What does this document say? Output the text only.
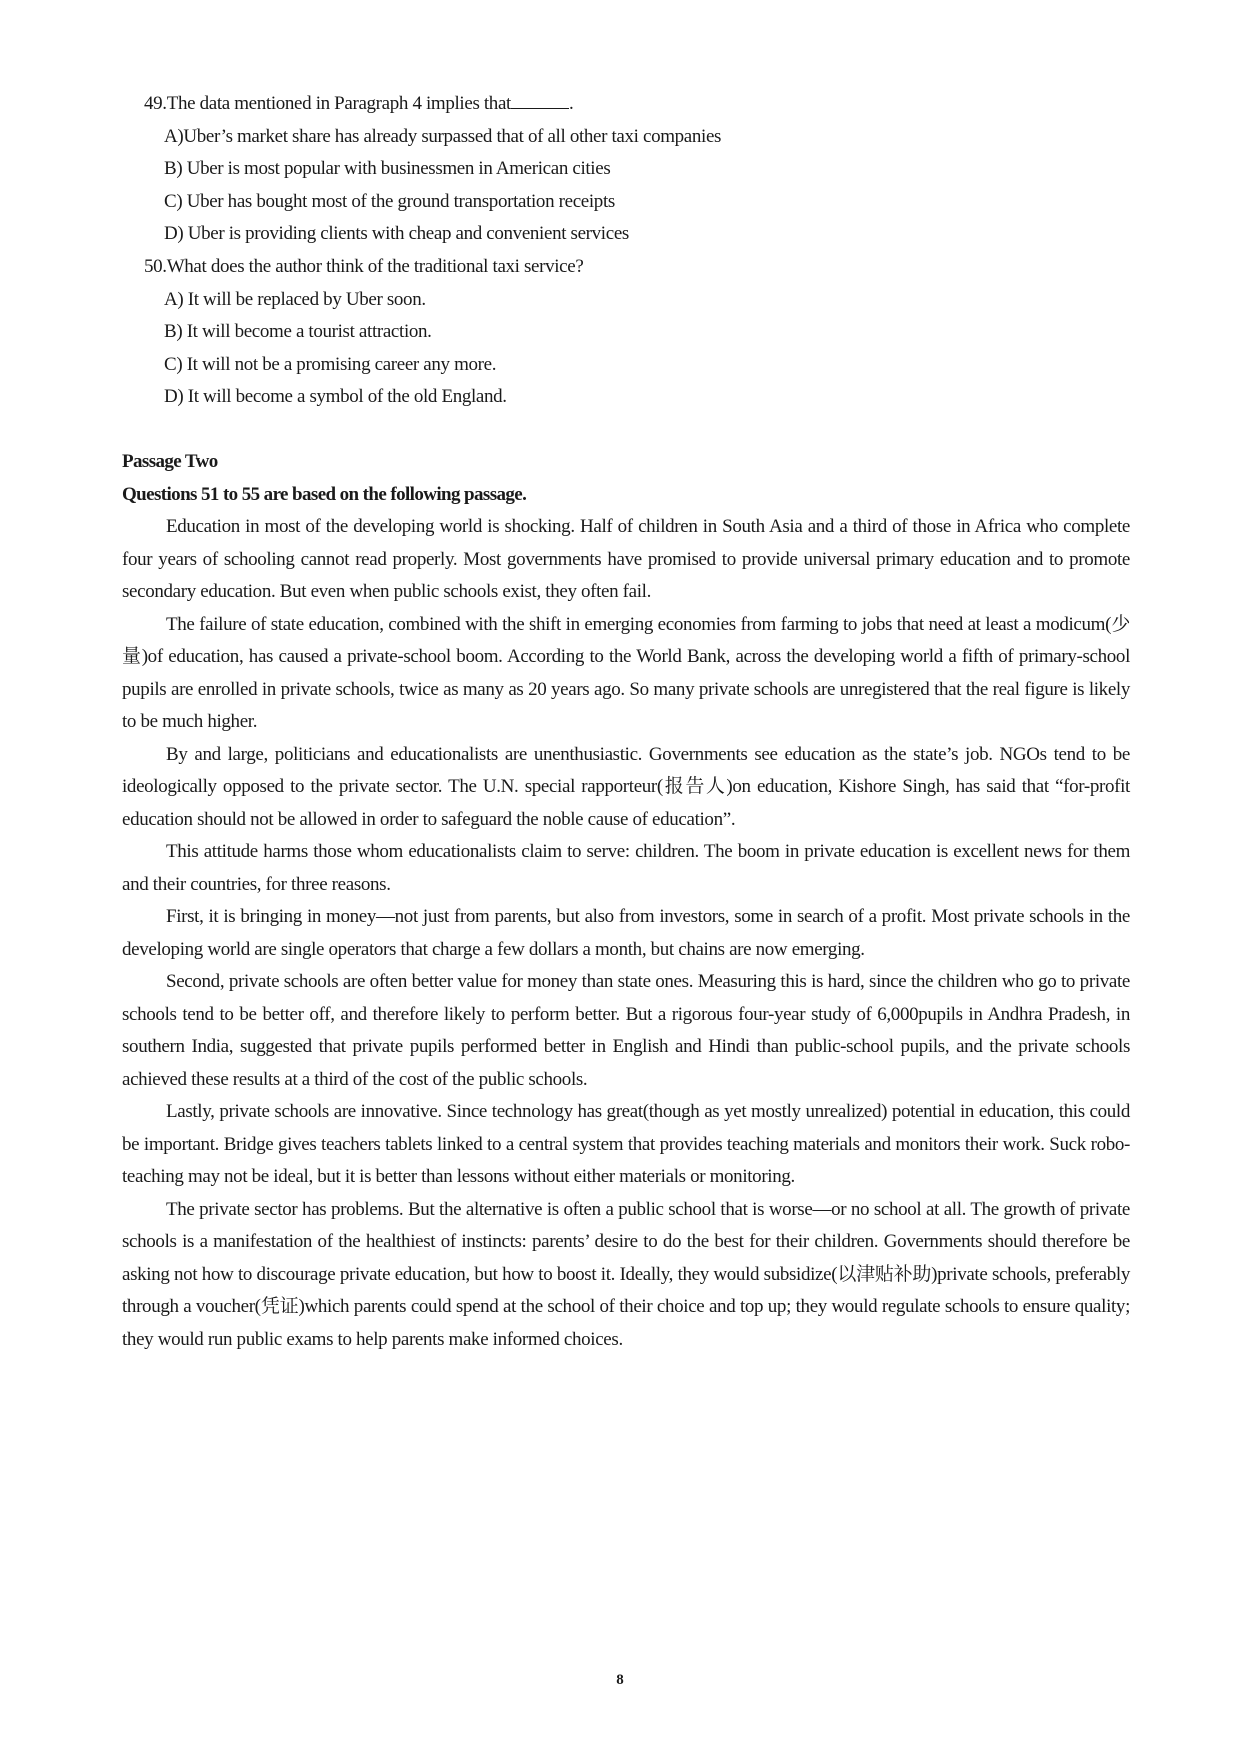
49.The data mentioned in Paragraph 4 implies that	.

A)Uber’s market share has already surpassed that of all other taxi companies

B) Uber is most popular with businessmen in American cities

C) Uber has bought most of the ground transportation receipts

D) Uber is providing clients with cheap and convenient services

50.What does the author think of the traditional taxi service?

A) It will be replaced by Uber soon.

B) It will become a tourist attraction.

C) It will not be a promising career any more.

D) It will become a symbol of the old England.

Passage Two

Questions 51 to 55 are based on the following passage.

Education in most of the developing world is shocking. Half of children in South Asia and a third of those in Africa who complete four years of schooling cannot read properly. Most governments have promised to provide universal primary education and to promote secondary education. But even when public schools exist, they often fail.

The failure of state education, combined with the shift in emerging economies from farming to jobs that need at least a modicum(少量)of education, has caused a private-school boom. According to the World Bank, across the developing world a fifth of primary-school pupils are enrolled in private schools, twice as many as 20 years ago. So many private schools are unregistered that the real figure is likely to be much higher.

By and large, politicians and educationalists are unenthusiastic. Governments see education as the state’s job. NGOs tend to be ideologically opposed to the private sector. The U.N. special rapporteur(报告人)on education, Kishore Singh, has said that “for-profit education should not be allowed in order to safeguard the noble cause of education”.

This attitude harms those whom educationalists claim to serve: children. The boom in private education is excellent news for them and their countries, for three reasons.

First, it is bringing in money—not just from parents, but also from investors, some in search of a profit. Most private schools in the developing world are single operators that charge a few dollars a month, but chains are now emerging.

Second, private schools are often better value for money than state ones. Measuring this is hard, since the children who go to private schools tend to be better off, and therefore likely to perform better. But a rigorous four-year study of 6,000pupils in Andhra Pradesh, in southern India, suggested that private pupils performed better in English and Hindi than public-school pupils, and the private schools achieved these results at a third of the cost of the public schools.

Lastly, private schools are innovative. Since technology has great(though as yet mostly unrealized) potential in education, this could be important. Bridge gives teachers tablets linked to a central system that provides teaching materials and monitors their work. Suck robo-teaching may not be ideal, but it is better than lessons without either materials or monitoring.

The private sector has problems. But the alternative is often a public school that is worse—or no school at all. The growth of private schools is a manifestation of the healthiest of instincts: parents’ desire to do the best for their children. Governments should therefore be asking not how to discourage private education, but how to boost it. Ideally, they would subsidize(以津贴补助)private schools, preferably through a voucher(凭证)which parents could spend at the school of their choice and top up; they would regulate schools to ensure quality; they would run public exams to help parents make informed choices.

8
